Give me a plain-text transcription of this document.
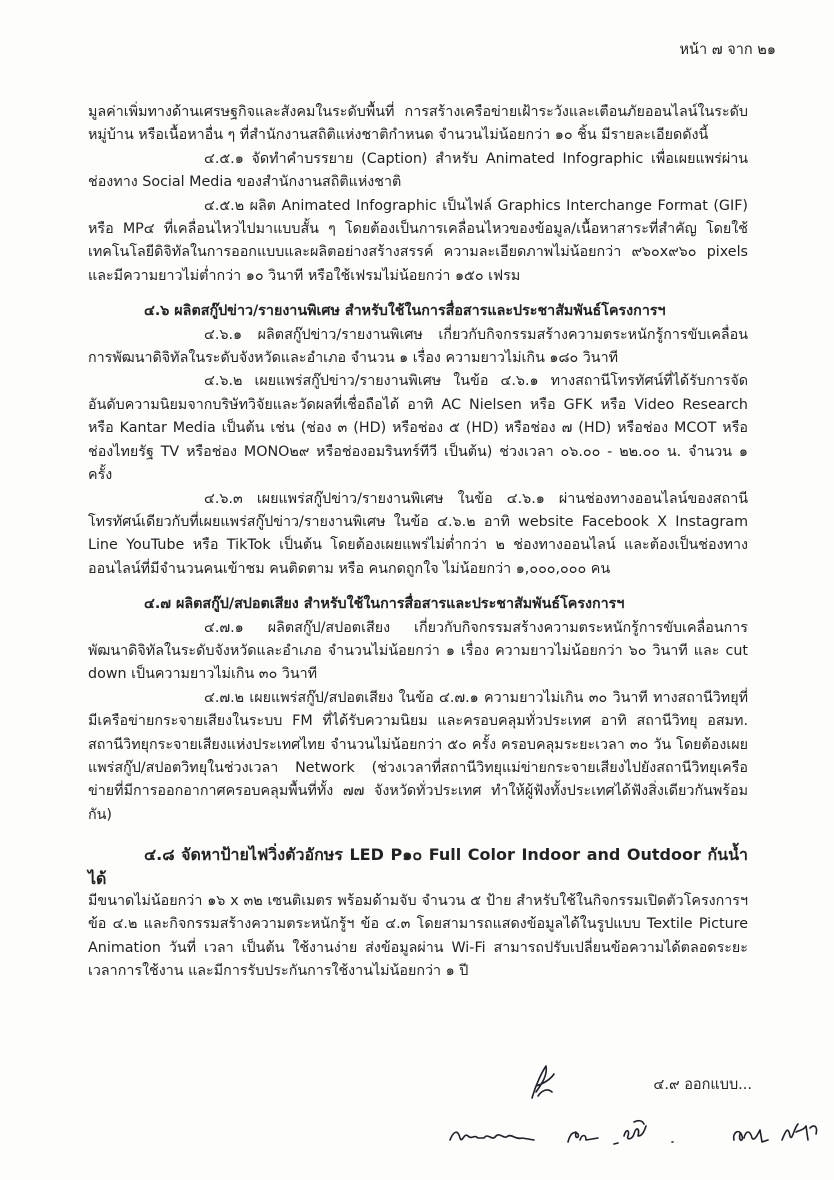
หน้า ๗ จาก ๒๑

มูลค่าเพิ่มทางด้านเศรษฐกิจและสังคมในระดับพื้นที่ การสร้างเครือข่ายเฝ้าระวังและเตือนภัยออนไลน์ในระดับหมู่บ้าน หรือเนื้อหาอื่น ๆ ที่สำนักงานสถิติแห่งชาติกำหนด จำนวนไม่น้อยกว่า ๑๐ ชิ้น มีรายละเอียดดังนี้

๔.๕.๑ จัดทำคำบรรยาย (Caption) สำหรับ Animated Infographic เพื่อเผยแพร่ผ่านช่องทาง Social Media ของสำนักงานสถิติแห่งชาติ

๔.๕.๒ ผลิต Animated Infographic เป็นไฟล์ Graphics Interchange Format (GIF) หรือ MP๔ ที่เคลื่อนไหวไปมาแบบสั้น ๆ โดยต้องเป็นการเคลื่อนไหวของข้อมูล/เนื้อหาสาระที่สำคัญ โดยใช้เทคโนโลยีดิจิทัลในการออกแบบและผลิตอย่างสร้างสรรค์ ความละเอียดภาพไม่น้อยกว่า ๙๖๐x๙๖๐ pixels และมีความยาวไม่ต่ำกว่า ๑๐ วินาที หรือใช้เฟรมไม่น้อยกว่า ๑๕๐ เฟรม

๔.๖ ผลิตสกู๊ปข่าว/รายงานพิเศษ สำหรับใช้ในการสื่อสารและประชาสัมพันธ์โครงการฯ

๔.๖.๑ ผลิตสกู๊ปข่าว/รายงานพิเศษ เกี่ยวกับกิจกรรมสร้างความตระหนักรู้การขับเคลื่อนการพัฒนาดิจิทัลในระดับจังหวัดและอำเภอ จำนวน ๑ เรื่อง ความยาวไม่เกิน ๑๘๐ วินาที

๔.๖.๒ เผยแพร่สกู๊ปข่าว/รายงานพิเศษ ในข้อ ๔.๖.๑ ทางสถานีโทรทัศน์ที่ได้รับการจัดอันดับความนิยมจากบริษัทวิจัยและวัดผลที่เชื่อถือได้ อาทิ AC Nielsen หรือ GFK หรือ Video Research หรือ Kantar Media เป็นต้น เช่น (ช่อง ๓ (HD) หรือช่อง ๕ (HD) หรือช่อง ๗ (HD) หรือช่อง MCOT หรือช่องไทยรัฐ TV หรือช่อง MONO๒๙ หรือช่องอมรินทร์ทีวี เป็นต้น) ช่วงเวลา ๐๖.๐๐ - ๒๒.๐๐ น. จำนวน ๑ ครั้ง

๔.๖.๓ เผยแพร่สกู๊ปข่าว/รายงานพิเศษ ในข้อ ๔.๖.๑ ผ่านช่องทางออนไลน์ของสถานีโทรทัศน์เดียวกับที่เผยแพร่สกู๊ปข่าว/รายงานพิเศษ ในข้อ ๔.๖.๒ อาทิ website Facebook X Instagram Line YouTube หรือ TikTok เป็นต้น โดยต้องเผยแพร่ไม่ต่ำกว่า ๒ ช่องทางออนไลน์ และต้องเป็นช่องทางออนไลน์ที่มีจำนวนคนเข้าชม คนติดตาม หรือ คนกดถูกใจ ไม่น้อยกว่า ๑,๐๐๐,๐๐๐ คน

๔.๗ ผลิตสกู๊ป/สปอตเสียง สำหรับใช้ในการสื่อสารและประชาสัมพันธ์โครงการฯ

๔.๗.๑ ผลิตสกู๊ป/สปอตเสียง เกี่ยวกับกิจกรรมสร้างความตระหนักรู้การขับเคลื่อนการพัฒนาดิจิทัลในระดับจังหวัดและอำเภอ จำนวนไม่น้อยกว่า ๑ เรื่อง ความยาวไม่น้อยกว่า ๖๐ วินาที และ cut down เป็นความยาวไม่เกิน ๓๐ วินาที

๔.๗.๒ เผยแพร่สกู๊ป/สปอตเสียง ในข้อ ๔.๗.๑ ความยาวไม่เกิน ๓๐ วินาที ทางสถานีวิทยุที่มีเครือข่ายกระจายเสียงในระบบ FM ที่ได้รับความนิยม และครอบคลุมทั่วประเทศ อาทิ สถานีวิทยุ อสมท. สถานีวิทยุกระจายเสียงแห่งประเทศไทย จำนวนไม่น้อยกว่า ๕๐ ครั้ง ครอบคลุมระยะเวลา ๓๐ วัน โดยต้องเผยแพร่สกู๊ป/สปอตวิทยุในช่วงเวลา Network (ช่วงเวลาที่สถานีวิทยุแม่ข่ายกระจายเสียงไปยังสถานีวิทยุเครือข่ายที่มีการออกอากาศครอบคลุมพื้นที่ทั้ง ๗๗ จังหวัดทั่วประเทศ ทำให้ผู้ฟังทั้งประเทศได้ฟังสิ่งเดียวกันพร้อมกัน)

๔.๘ จัดหาป้ายไฟวิ่งตัวอักษร LED P๑๐ Full Color Indoor and Outdoor กันน้ำได้

มีขนาดไม่น้อยกว่า ๑๖ x ๓๒ เซนติเมตร พร้อมด้ามจับ จำนวน ๕ ป้าย สำหรับใช้ในกิจกรรมเปิดตัวโครงการฯ ข้อ ๔.๒ และกิจกรรมสร้างความตระหนักรู้ฯ ข้อ ๔.๓ โดยสามารถแสดงข้อมูลได้ในรูปแบบ Textile Picture Animation วันที่ เวลา เป็นต้น ใช้งานง่าย ส่งข้อมูลผ่าน Wi-Fi สามารถปรับเปลี่ยนข้อความได้ตลอดระยะเวลาการใช้งาน และมีการรับประกันการใช้งานไม่น้อยกว่า ๑ ปี

๔.๙ ออกแบบ...
